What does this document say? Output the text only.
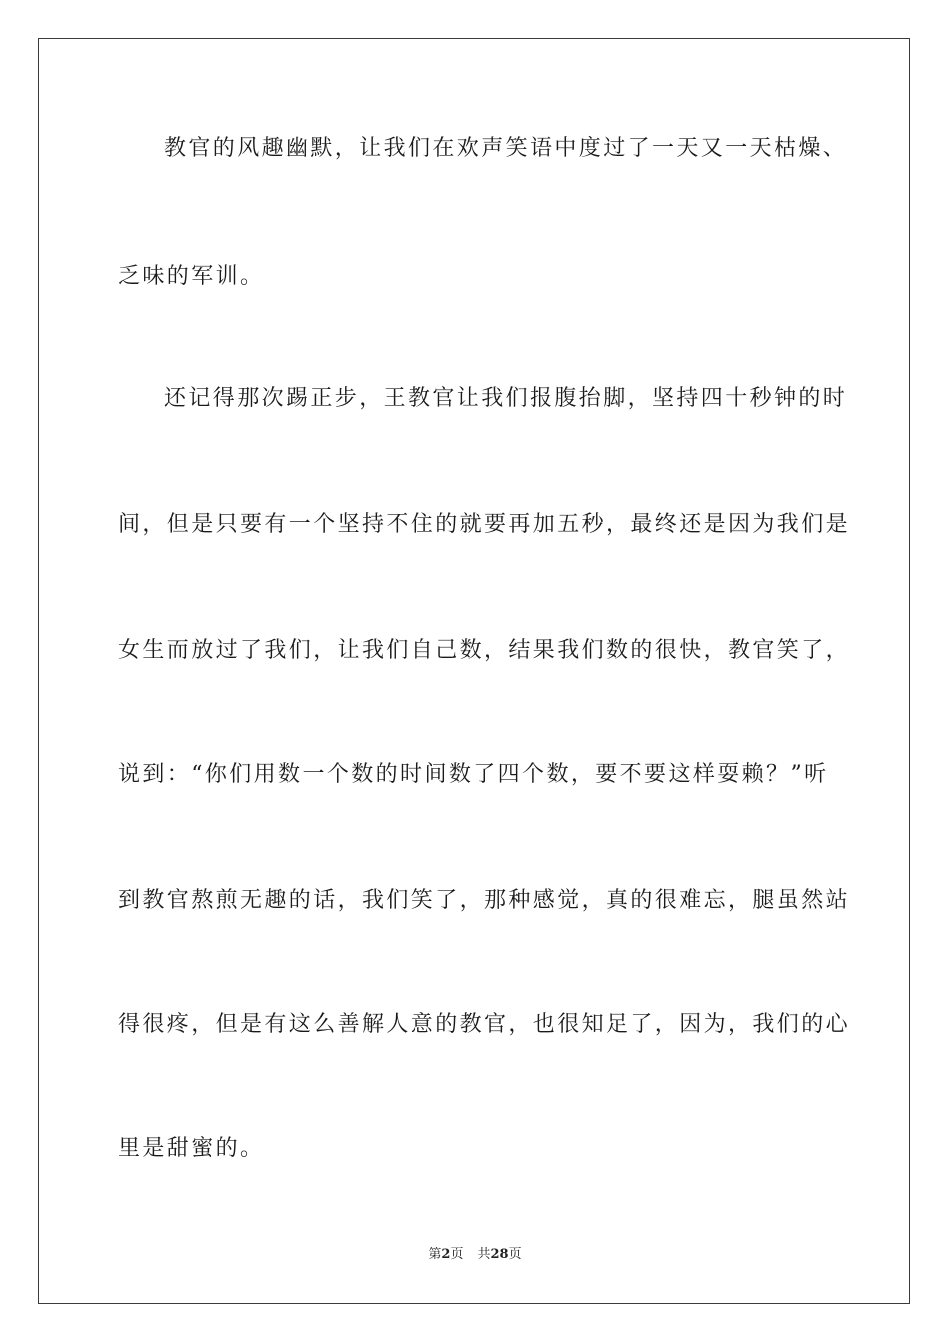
教官的风趣幽默，让我们在欢声笑语中度过了一天又一天枯燥、
乏味的军训。
还记得那次踢正步，王教官让我们报腹抬脚，坚持四十秒钟的时
间，但是只要有一个坚持不住的就要再加五秒，最终还是因为我们是
女生而放过了我们，让我们自己数，结果我们数的很快，教官笑了，
说到：“你们用数一个数的时间数了四个数，要不要这样耍赖？”听
到教官熬煎无趣的话，我们笑了，那种感觉，真的很难忘，腿虽然站
得很疼，但是有这么善解人意的教官，也很知足了，因为，我们的心
里是甜蜜的。
第2页 共28页
